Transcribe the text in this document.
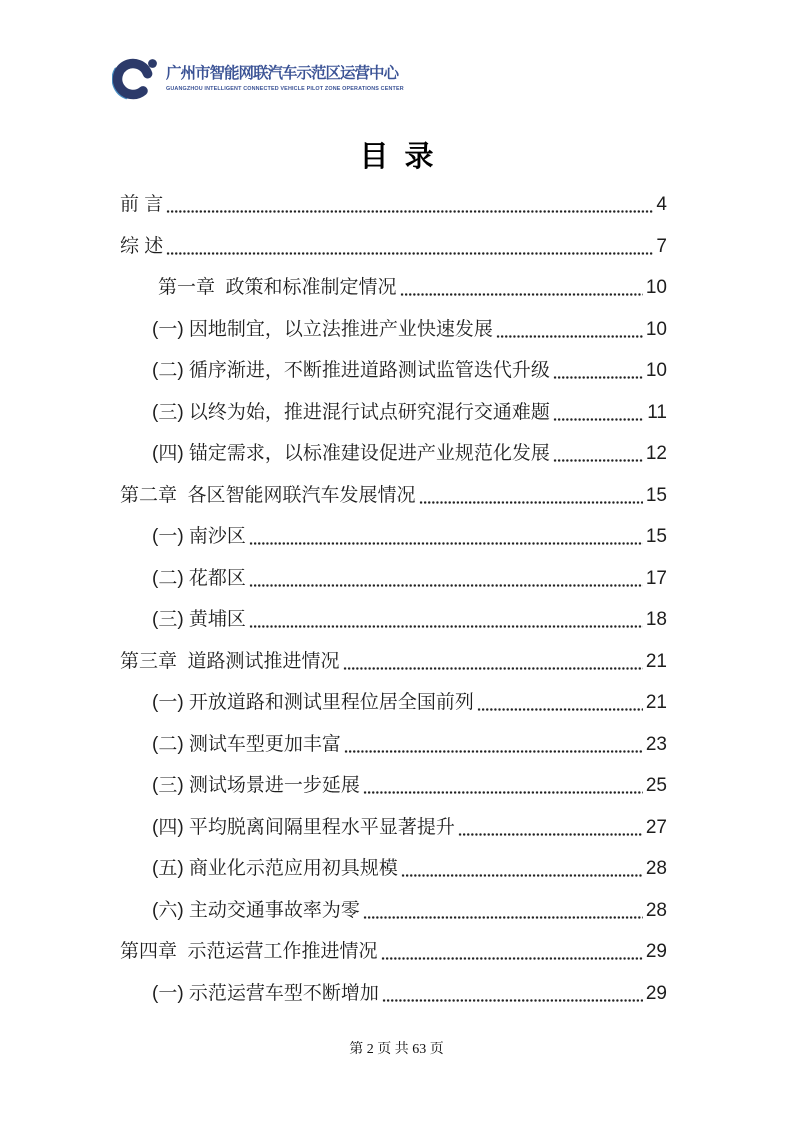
广州市智能网联汽车示范区运营中心
GUANGZHOU INTELLIGENT CONNECTED VEHICLE PILOT ZONE OPERATIONS CENTER
目  录
前 言	4
综 述	7
第一章  政策和标准制定情况	10
(一) 因地制宜，以立法推进产业快速发展	10
(二) 循序渐进，不断推进道路测试监管迭代升级	10
(三) 以终为始，推进混行试点研究混行交通难题	11
(四) 锚定需求，以标准建设促进产业规范化发展	12
第二章  各区智能网联汽车发展情况	15
(一) 南沙区	15
(二) 花都区	17
(三) 黄埔区	18
第三章  道路测试推进情况	21
(一) 开放道路和测试里程位居全国前列	21
(二) 测试车型更加丰富	23
(三) 测试场景进一步延展	25
(四) 平均脱离间隔里程水平显著提升	27
(五) 商业化示范应用初具规模	28
(六) 主动交通事故率为零	28
第四章  示范运营工作推进情况	29
(一) 示范运营车型不断增加	29
第 2 页 共 63 页
